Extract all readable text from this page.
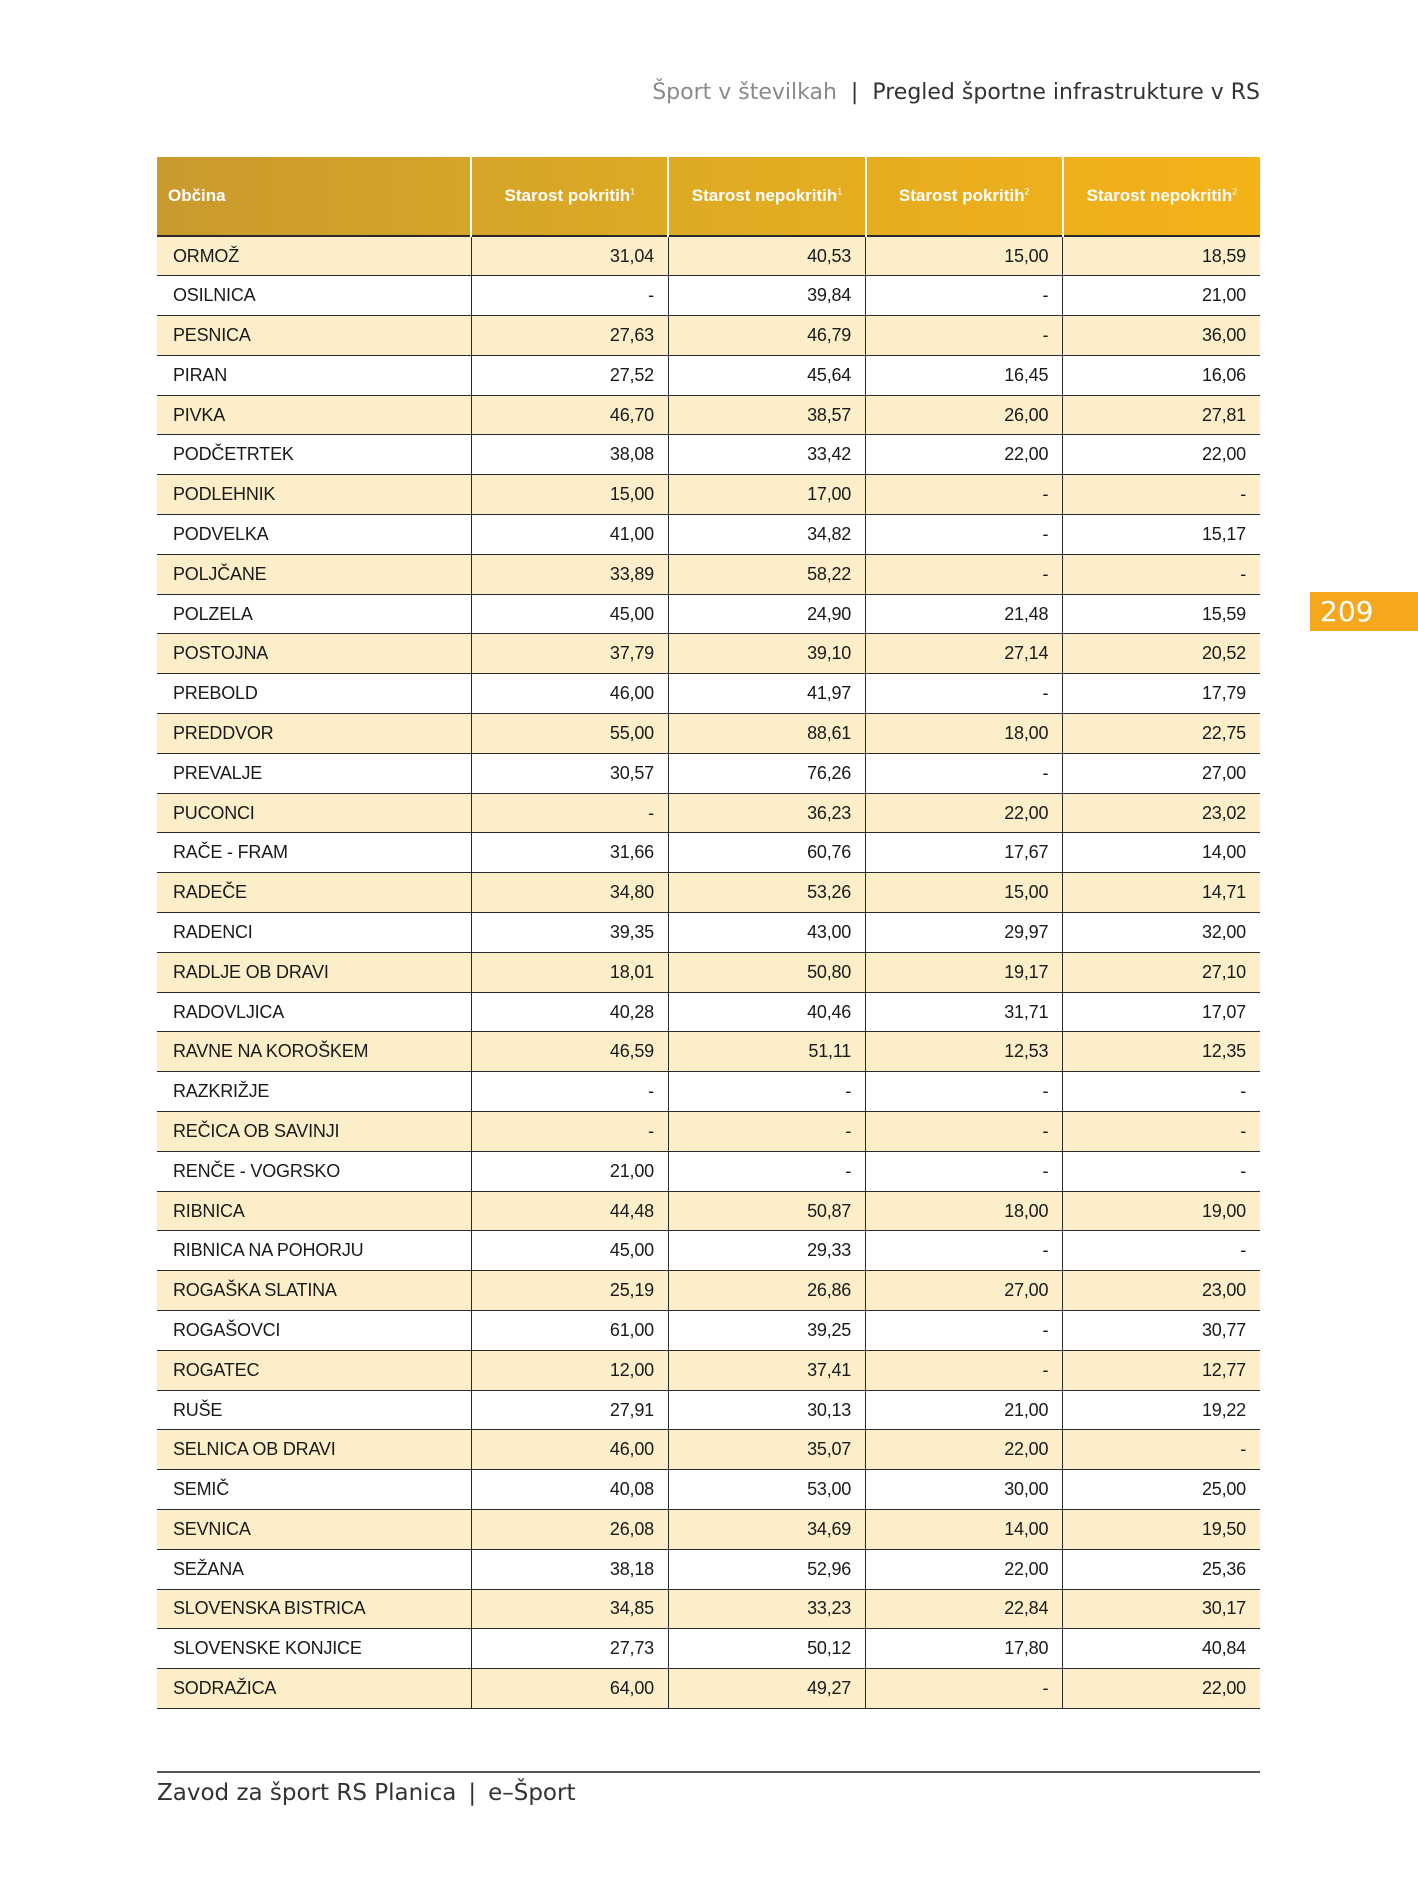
Šport v številkah | Pregled športne infrastrukture v RS
209
Občina	Starost pokritih$^1$	Starost nepokritih$^1$	Starost pokritih$^2$	Starost nepokritih$^2$
ORMOŽ	31,04	40,53	15,00	18,59
OSILNICA	-	39,84	-	21,00
PESNICA	27,63	46,79	-	36,00
PIRAN	27,52	45,64	16,45	16,06
PIVKA	46,70	38,57	26,00	27,81
PODČETRTEK	38,08	33,42	22,00	22,00
PODLEHNIK	15,00	17,00	-	-
PODVELKA	41,00	34,82	-	15,17
POLJČANE	33,89	58,22	-	-
POLZELA	45,00	24,90	21,48	15,59
POSTOJNA	37,79	39,10	27,14	20,52
PREBOLD	46,00	41,97	-	17,79
PREDDVOR	55,00	88,61	18,00	22,75
PREVALJE	30,57	76,26	-	27,00
PUCONCI	-	36,23	22,00	23,02
RAČE - FRAM	31,66	60,76	17,67	14,00
RADEČE	34,80	53,26	15,00	14,71
RADENCI	39,35	43,00	29,97	32,00
RADLJE OB DRAVI	18,01	50,80	19,17	27,10
RADOVLJICA	40,28	40,46	31,71	17,07
RAVNE NA KOROŠKEM	46,59	51,11	12,53	12,35
RAZKRIŽJE	-	-	-	-
REČICA OB SAVINJI	-	-	-	-
RENČE - VOGRSKO	21,00	-	-	-
RIBNICA	44,48	50,87	18,00	19,00
RIBNICA NA POHORJU	45,00	29,33	-	-
ROGAŠKA SLATINA	25,19	26,86	27,00	23,00
ROGAŠOVCI	61,00	39,25	-	30,77
ROGATEC	12,00	37,41	-	12,77
RUŠE	27,91	30,13	21,00	19,22
SELNICA OB DRAVI	46,00	35,07	22,00	-
SEMIČ	40,08	53,00	30,00	25,00
SEVNICA	26,08	34,69	14,00	19,50
SEŽANA	38,18	52,96	22,00	25,36
SLOVENSKA BISTRICA	34,85	33,23	22,84	30,17
SLOVENSKE KONJICE	27,73	50,12	17,80	40,84
SODRAŽICA	64,00	49,27	-	22,00
Zavod za šport RS Planica | e–Šport
